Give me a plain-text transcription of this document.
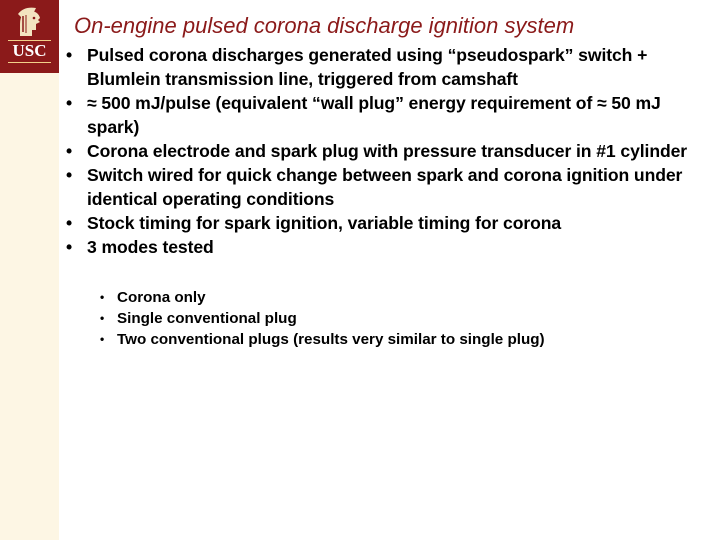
USC
On-engine pulsed corona discharge ignition system
• Pulsed corona discharges generated using “pseudospark” switch + Blumlein transmission line, triggered from camshaft
• ≈ 500 mJ/pulse (equivalent “wall plug” energy requirement of ≈ 50 mJ spark)
• Corona electrode and spark plug with pressure transducer in #1 cylinder
• Switch wired for quick change between spark and corona ignition under identical operating conditions
• Stock timing for spark ignition, variable timing for corona
• 3 modes tested
• Corona only
• Single conventional plug
• Two conventional plugs (results very similar to single plug)
